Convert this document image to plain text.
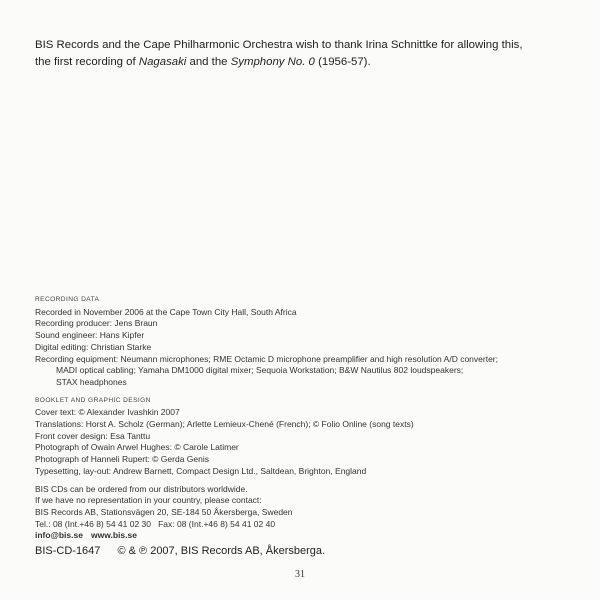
BIS Records and the Cape Philharmonic Orchestra wish to thank Irina Schnittke for allowing this,
the first recording of Nagasaki and the Symphony No. 0 (1956-57).
RECORDING DATA
Recorded in November 2006 at the Cape Town City Hall, South Africa
Recording producer: Jens Braun
Sound engineer: Hans Kipfer
Digital editing: Christian Starke
Recording equipment: Neumann microphones; RME Octamic D microphone preamplifier and high resolution A/D converter;
MADI optical cabling; Yamaha DM1000 digital mixer; Sequoia Workstation; B&W Nautilus 802 loudspeakers;
STAX headphones
BOOKLET AND GRAPHIC DESIGN
Cover text: © Alexander Ivashkin 2007
Translations: Horst A. Scholz (German); Arlette Lemieux-Chené (French); © Folio Online (song texts)
Front cover design: Esa Tanttu
Photograph of Owain Arwel Hughes: © Carole Latimer
Photograph of Hanneli Rupert: © Gerda Genis
Typesetting, lay-out: Andrew Barnett, Compact Design Ltd., Saltdean, Brighton, England
BIS CDs can be ordered from our distributors worldwide.
If we have no representation in your country, please contact:
BIS Records AB, Stationsvägen 20, SE-184 50 Åkersberga, Sweden
Tel.: 08 (Int.+46 8) 54 41 02 30   Fax: 08 (Int.+46 8) 54 41 02 40
info@bis.se www.bis.se
BIS-CD-1647 © & ℗ 2007, BIS Records AB, Åkersberga.
31
